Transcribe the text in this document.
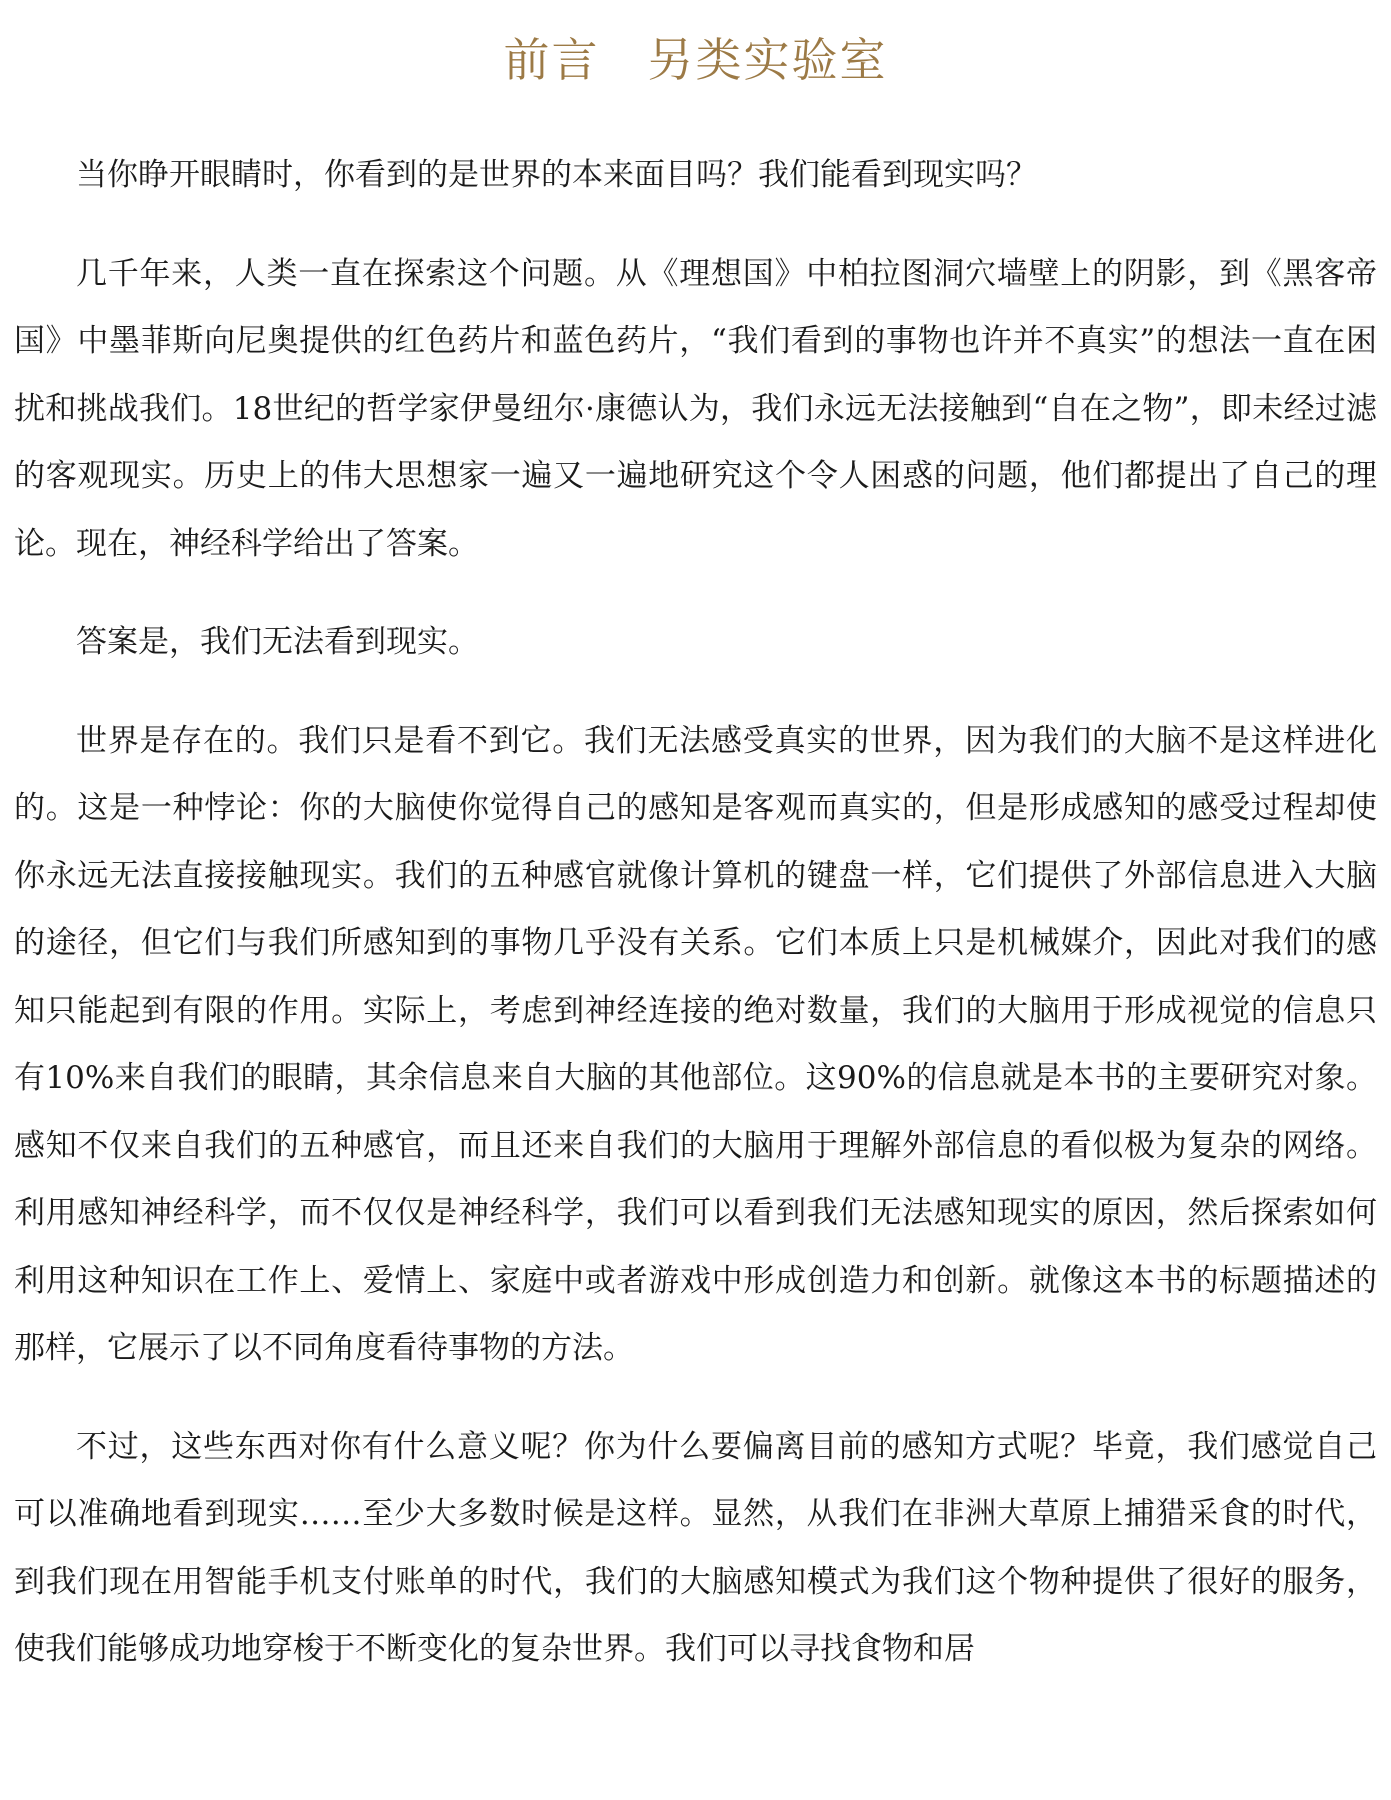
前言 另类实验室

当你睁开眼睛时，你看到的是世界的本来面目吗？我们能看到现实吗？

几千年来，人类一直在探索这个问题。从《理想国》中柏拉图洞穴墙壁上的阴影，到《黑客帝国》中墨菲斯向尼奥提供的红色药片和蓝色药片，“我们看到的事物也许并不真实”的想法一直在困扰和挑战我们。18世纪的哲学家伊曼纽尔·康德认为，我们永远无法接触到“自在之物”，即未经过滤的客观现实。历史上的伟大思想家一遍又一遍地研究这个令人困惑的问题，他们都提出了自己的理论。现在，神经科学给出了答案。

答案是，我们无法看到现实。

世界是存在的。我们只是看不到它。我们无法感受真实的世界，因为我们的大脑不是这样进化的。这是一种悖论：你的大脑使你觉得自己的感知是客观而真实的，但是形成感知的感受过程却使你永远无法直接接触现实。我们的五种感官就像计算机的键盘一样，它们提供了外部信息进入大脑的途径，但它们与我们所感知到的事物几乎没有关系。它们本质上只是机械媒介，因此对我们的感知只能起到有限的作用。实际上，考虑到神经连接的绝对数量，我们的大脑用于形成视觉的信息只有10%来自我们的眼睛，其余信息来自大脑的其他部位。这90%的信息就是本书的主要研究对象。感知不仅来自我们的五种感官，而且还来自我们的大脑用于理解外部信息的看似极为复杂的网络。利用感知神经科学，而不仅仅是神经科学，我们可以看到我们无法感知现实的原因，然后探索如何利用这种知识在工作上、爱情上、家庭中或者游戏中形成创造力和创新。就像这本书的标题描述的那样，它展示了以不同角度看待事物的方法。

不过，这些东西对你有什么意义呢？你为什么要偏离目前的感知方式呢？毕竟，我们感觉自己可以准确地看到现实……至少大多数时候是这样。显然，从我们在非洲大草原上捕猎采食的时代，到我们现在用智能手机支付账单的时代，我们的大脑感知模式为我们这个物种提供了很好的服务，使我们能够成功地穿梭于不断变化的复杂世界。我们可以寻找食物和居
